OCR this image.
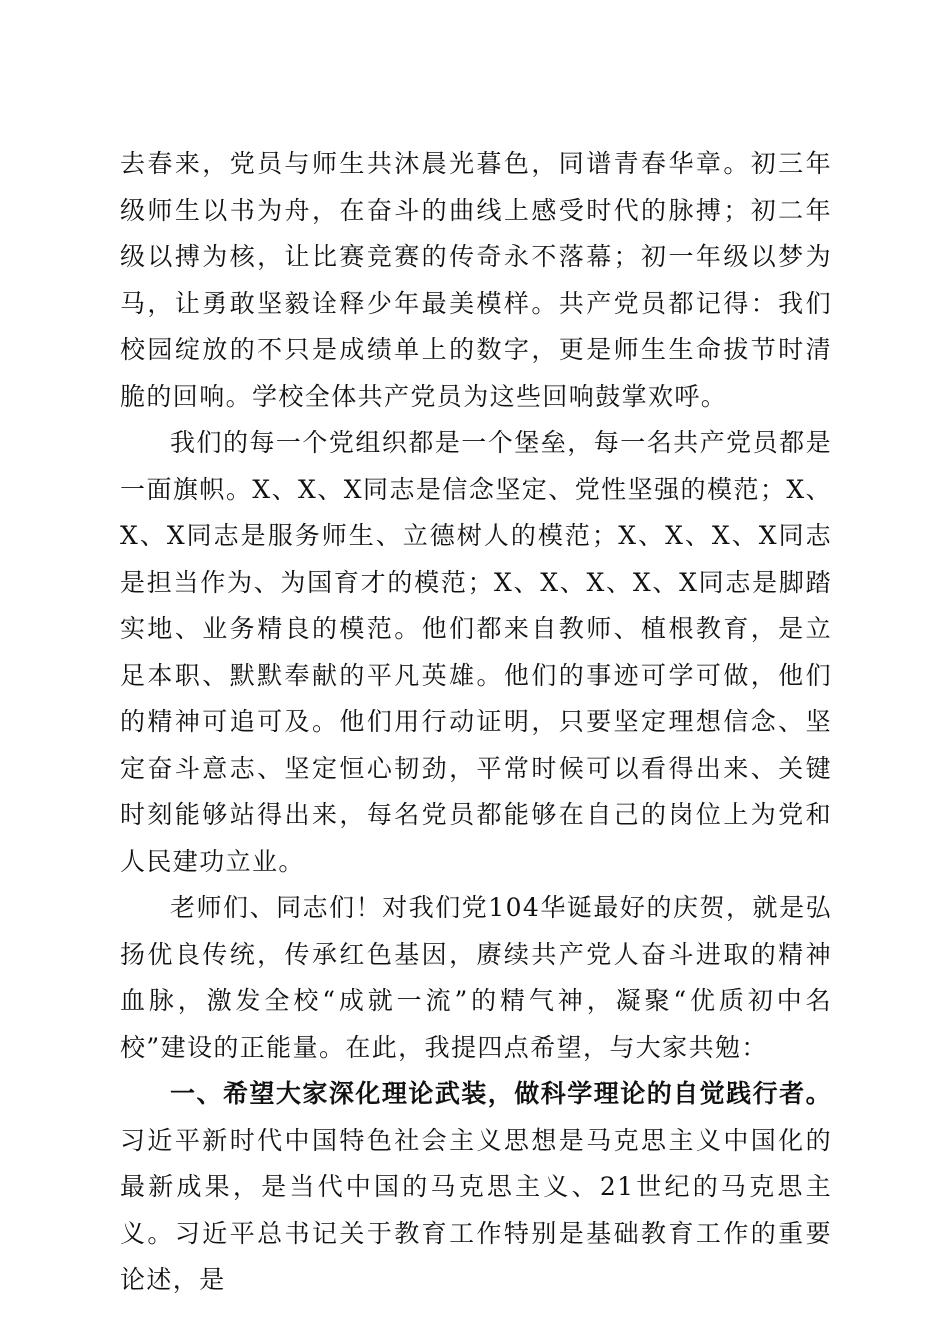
去春来，党员与师生共沐晨光暮色，同谱青春华章。初三年级师生以书为舟，在奋斗的曲线上感受时代的脉搏；初二年级以搏为核，让比赛竞赛的传奇永不落幕；初一年级以梦为马，让勇敢坚毅诠释少年最美模样。共产党员都记得：我们校园绽放的不只是成绩单上的数字，更是师生生命拔节时清脆的回响。学校全体共产党员为这些回响鼓掌欢呼。

我们的每一个党组织都是一个堡垒，每一名共产党员都是一面旗帜。X、X、X同志是信念坚定、党性坚强的模范；X、X、X同志是服务师生、立德树人的模范；X、X、X、X同志是担当作为、为国育才的模范；X、X、X、X、X同志是脚踏实地、业务精良的模范。他们都来自教师、植根教育，是立足本职、默默奉献的平凡英雄。他们的事迹可学可做，他们的精神可追可及。他们用行动证明，只要坚定理想信念、坚定奋斗意志、坚定恒心韧劲，平常时候可以看得出来、关键时刻能够站得出来，每名党员都能够在自己的岗位上为党和人民建功立业。

老师们、同志们！对我们党104华诞最好的庆贺，就是弘扬优良传统，传承红色基因，赓续共产党人奋斗进取的精神血脉，激发全校“成就一流”的精气神，凝聚“优质初中名校”建设的正能量。在此，我提四点希望，与大家共勉：

一、希望大家深化理论武装，做科学理论的自觉践行者。习近平新时代中国特色社会主义思想是马克思主义中国化的最新成果，是当代中国的马克思主义、21世纪的马克思主义。习近平总书记关于教育工作特别是基础教育工作的重要论述，是
